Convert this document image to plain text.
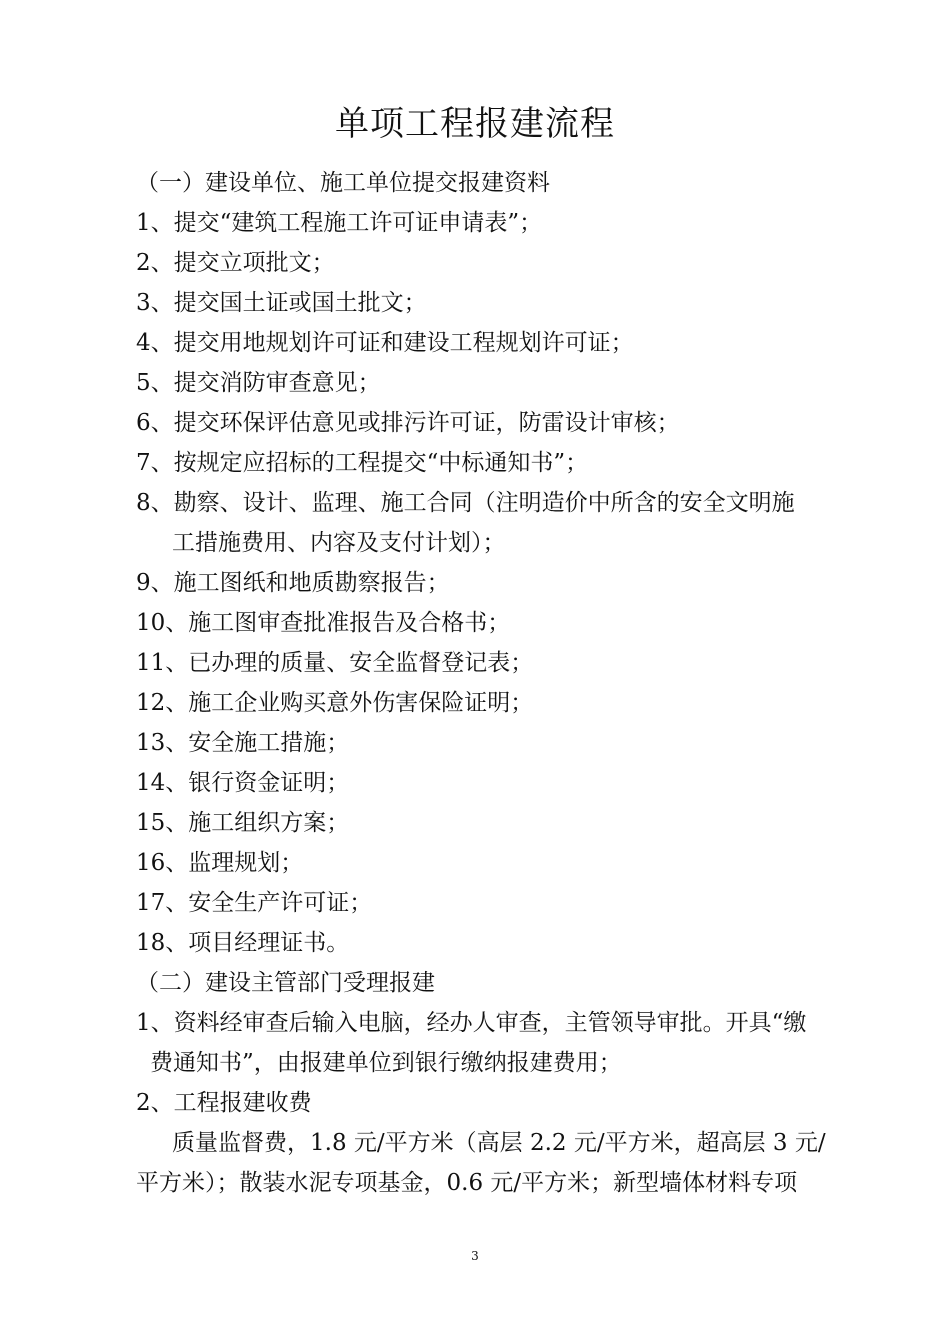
单项工程报建流程
（一）建设单位、施工单位提交报建资料
1、提交“建筑工程施工许可证申请表”；
2、提交立项批文；
3、提交国土证或国土批文；
4、提交用地规划许可证和建设工程规划许可证；
5、提交消防审查意见；
6、提交环保评估意见或排污许可证，防雷设计审核；
7、按规定应招标的工程提交“中标通知书”；
8、勘察、设计、监理、施工合同（注明造价中所含的安全文明施
工措施费用、内容及支付计划）；
9、施工图纸和地质勘察报告；
10、施工图审查批准报告及合格书；
11、已办理的质量、安全监督登记表；
12、施工企业购买意外伤害保险证明；
13、安全施工措施；
14、银行资金证明；
15、施工组织方案；
16、监理规划；
17、安全生产许可证；
18、项目经理证书。
（二）建设主管部门受理报建
1、资料经审查后输入电脑，经办人审查，主管领导审批。开具“缴
费通知书”，由报建单位到银行缴纳报建费用；
2、工程报建收费
质量监督费，1.8 元/平方米（高层 2.2 元/平方米，超高层 3 元/
平方米）；散装水泥专项基金，0.6 元/平方米；新型墙体材料专项
3
